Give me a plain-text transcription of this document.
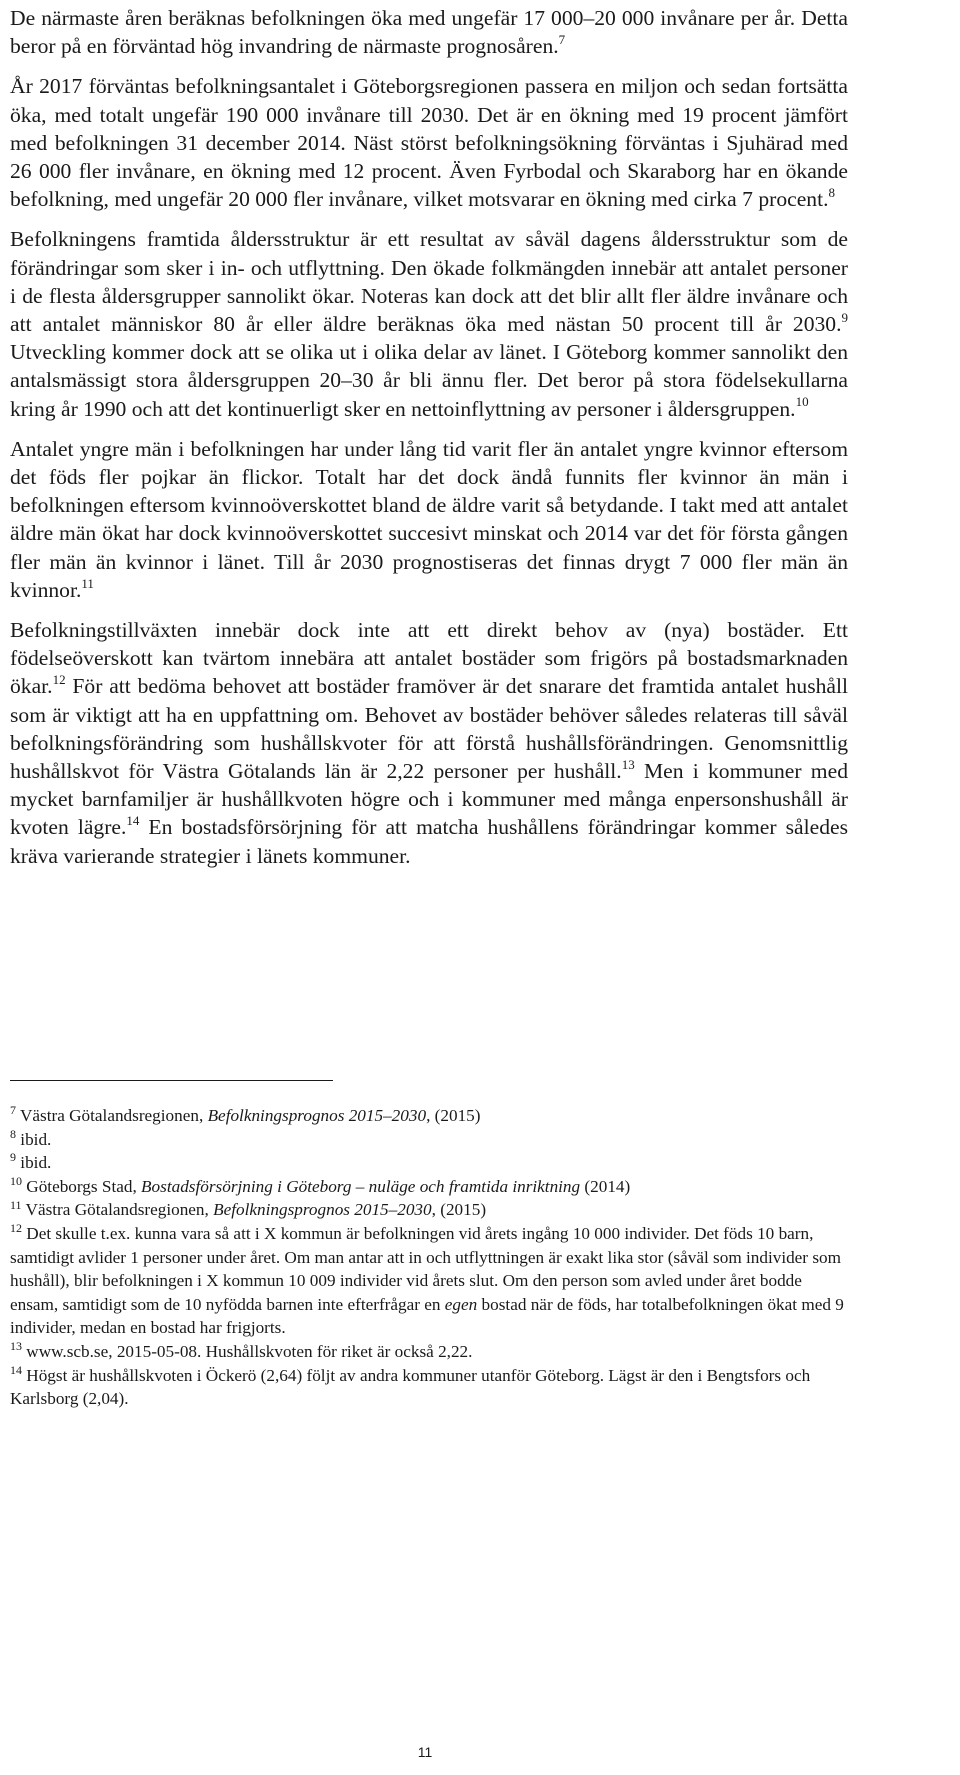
De närmaste åren beräknas befolkningen öka med ungefär 17 000–20 000 invånare per år. Detta beror på en förväntad hög invandring de närmaste prognosåren.$^7$

År 2017 förväntas befolkningsantalet i Göteborgsregionen passera en miljon och sedan fortsätta öka, med totalt ungefär 190 000 invånare till 2030. Det är en ökning med 19 procent jämfört med befolkningen 31 december 2014. Näst störst befolkningsökning förväntas i Sjuhärad med 26 000 fler invånare, en ökning med 12 procent. Även Fyrbodal och Skaraborg har en ökande befolkning, med ungefär 20 000 fler invånare, vilket motsvarar en ökning med cirka 7 procent.$^8$

Befolkningens framtida åldersstruktur är ett resultat av såväl dagens åldersstruktur som de förändringar som sker i in- och utflyttning. Den ökade folkmängden innebär att antalet personer i de flesta åldersgrupper sannolikt ökar. Noteras kan dock att det blir allt fler äldre invånare och att antalet människor 80 år eller äldre beräknas öka med nästan 50 procent till år 2030.$^9$ Utveckling kommer dock att se olika ut i olika delar av länet. I Göteborg kommer sannolikt den antalsmässigt stora åldersgruppen 20–30 år bli ännu fler. Det beror på stora födelsekullarna kring år 1990 och att det kontinuerligt sker en nettoinflyttning av personer i åldersgruppen.$^{10}$

Antalet yngre män i befolkningen har under lång tid varit fler än antalet yngre kvinnor eftersom det föds fler pojkar än flickor. Totalt har det dock ändå funnits fler kvinnor än män i befolkningen eftersom kvinnoöverskottet bland de äldre varit så betydande. I takt med att antalet äldre män ökat har dock kvinnoöverskottet succesivt minskat och 2014 var det för första gången fler män än kvinnor i länet. Till år 2030 prognostiseras det finnas drygt 7 000 fler män än kvinnor.$^{11}$

Befolkningstillväxten innebär dock inte att ett direkt behov av (nya) bostäder. Ett födelseöverskott kan tvärtom innebära att antalet bostäder som frigörs på bostadsmarknaden ökar.$^{12}$ För att bedöma behovet att bostäder framöver är det snarare det framtida antalet hushåll som är viktigt att ha en uppfattning om. Behovet av bostäder behöver således relateras till såväl befolkningsförändring som hushållskvoter för att förstå hushållsförändringen. Genomsnittlig hushållskvot för Västra Götalands län är 2,22 personer per hushåll.$^{13}$ Men i kommuner med mycket barnfamiljer är hushållkvoten högre och i kommuner med många enpersonshushåll är kvoten lägre.$^{14}$ En bostadsförsörjning för att matcha hushållens förändringar kommer således kräva varierande strategier i länets kommuner.

$^7$ Västra Götalandsregionen, Befolkningsprognos 2015–2030, (2015)
$^8$ ibid.
$^9$ ibid.
$^{10}$ Göteborgs Stad, Bostadsförsörjning i Göteborg – nuläge och framtida inriktning (2014)
$^{11}$ Västra Götalandsregionen, Befolkningsprognos 2015–2030, (2015)
$^{12}$ Det skulle t.ex. kunna vara så att i X kommun är befolkningen vid årets ingång 10 000 individer. Det föds 10 barn, samtidigt avlider 1 personer under året. Om man antar att in och utflyttningen är exakt lika stor (såväl som individer som hushåll), blir befolkningen i X kommun 10 009 individer vid årets slut. Om den person som avled under året bodde ensam, samtidigt som de 10 nyfödda barnen inte efterfrågar en egen bostad när de föds, har totalbefolkningen ökat med 9 individer, medan en bostad har frigjorts.
$^{13}$ www.scb.se, 2015-05-08. Hushållskvoten för riket är också 2,22.
$^{14}$ Högst är hushållskvoten i Öckerö (2,64) följt av andra kommuner utanför Göteborg. Lägst är den i Bengtsfors och Karlsborg (2,04).
11
